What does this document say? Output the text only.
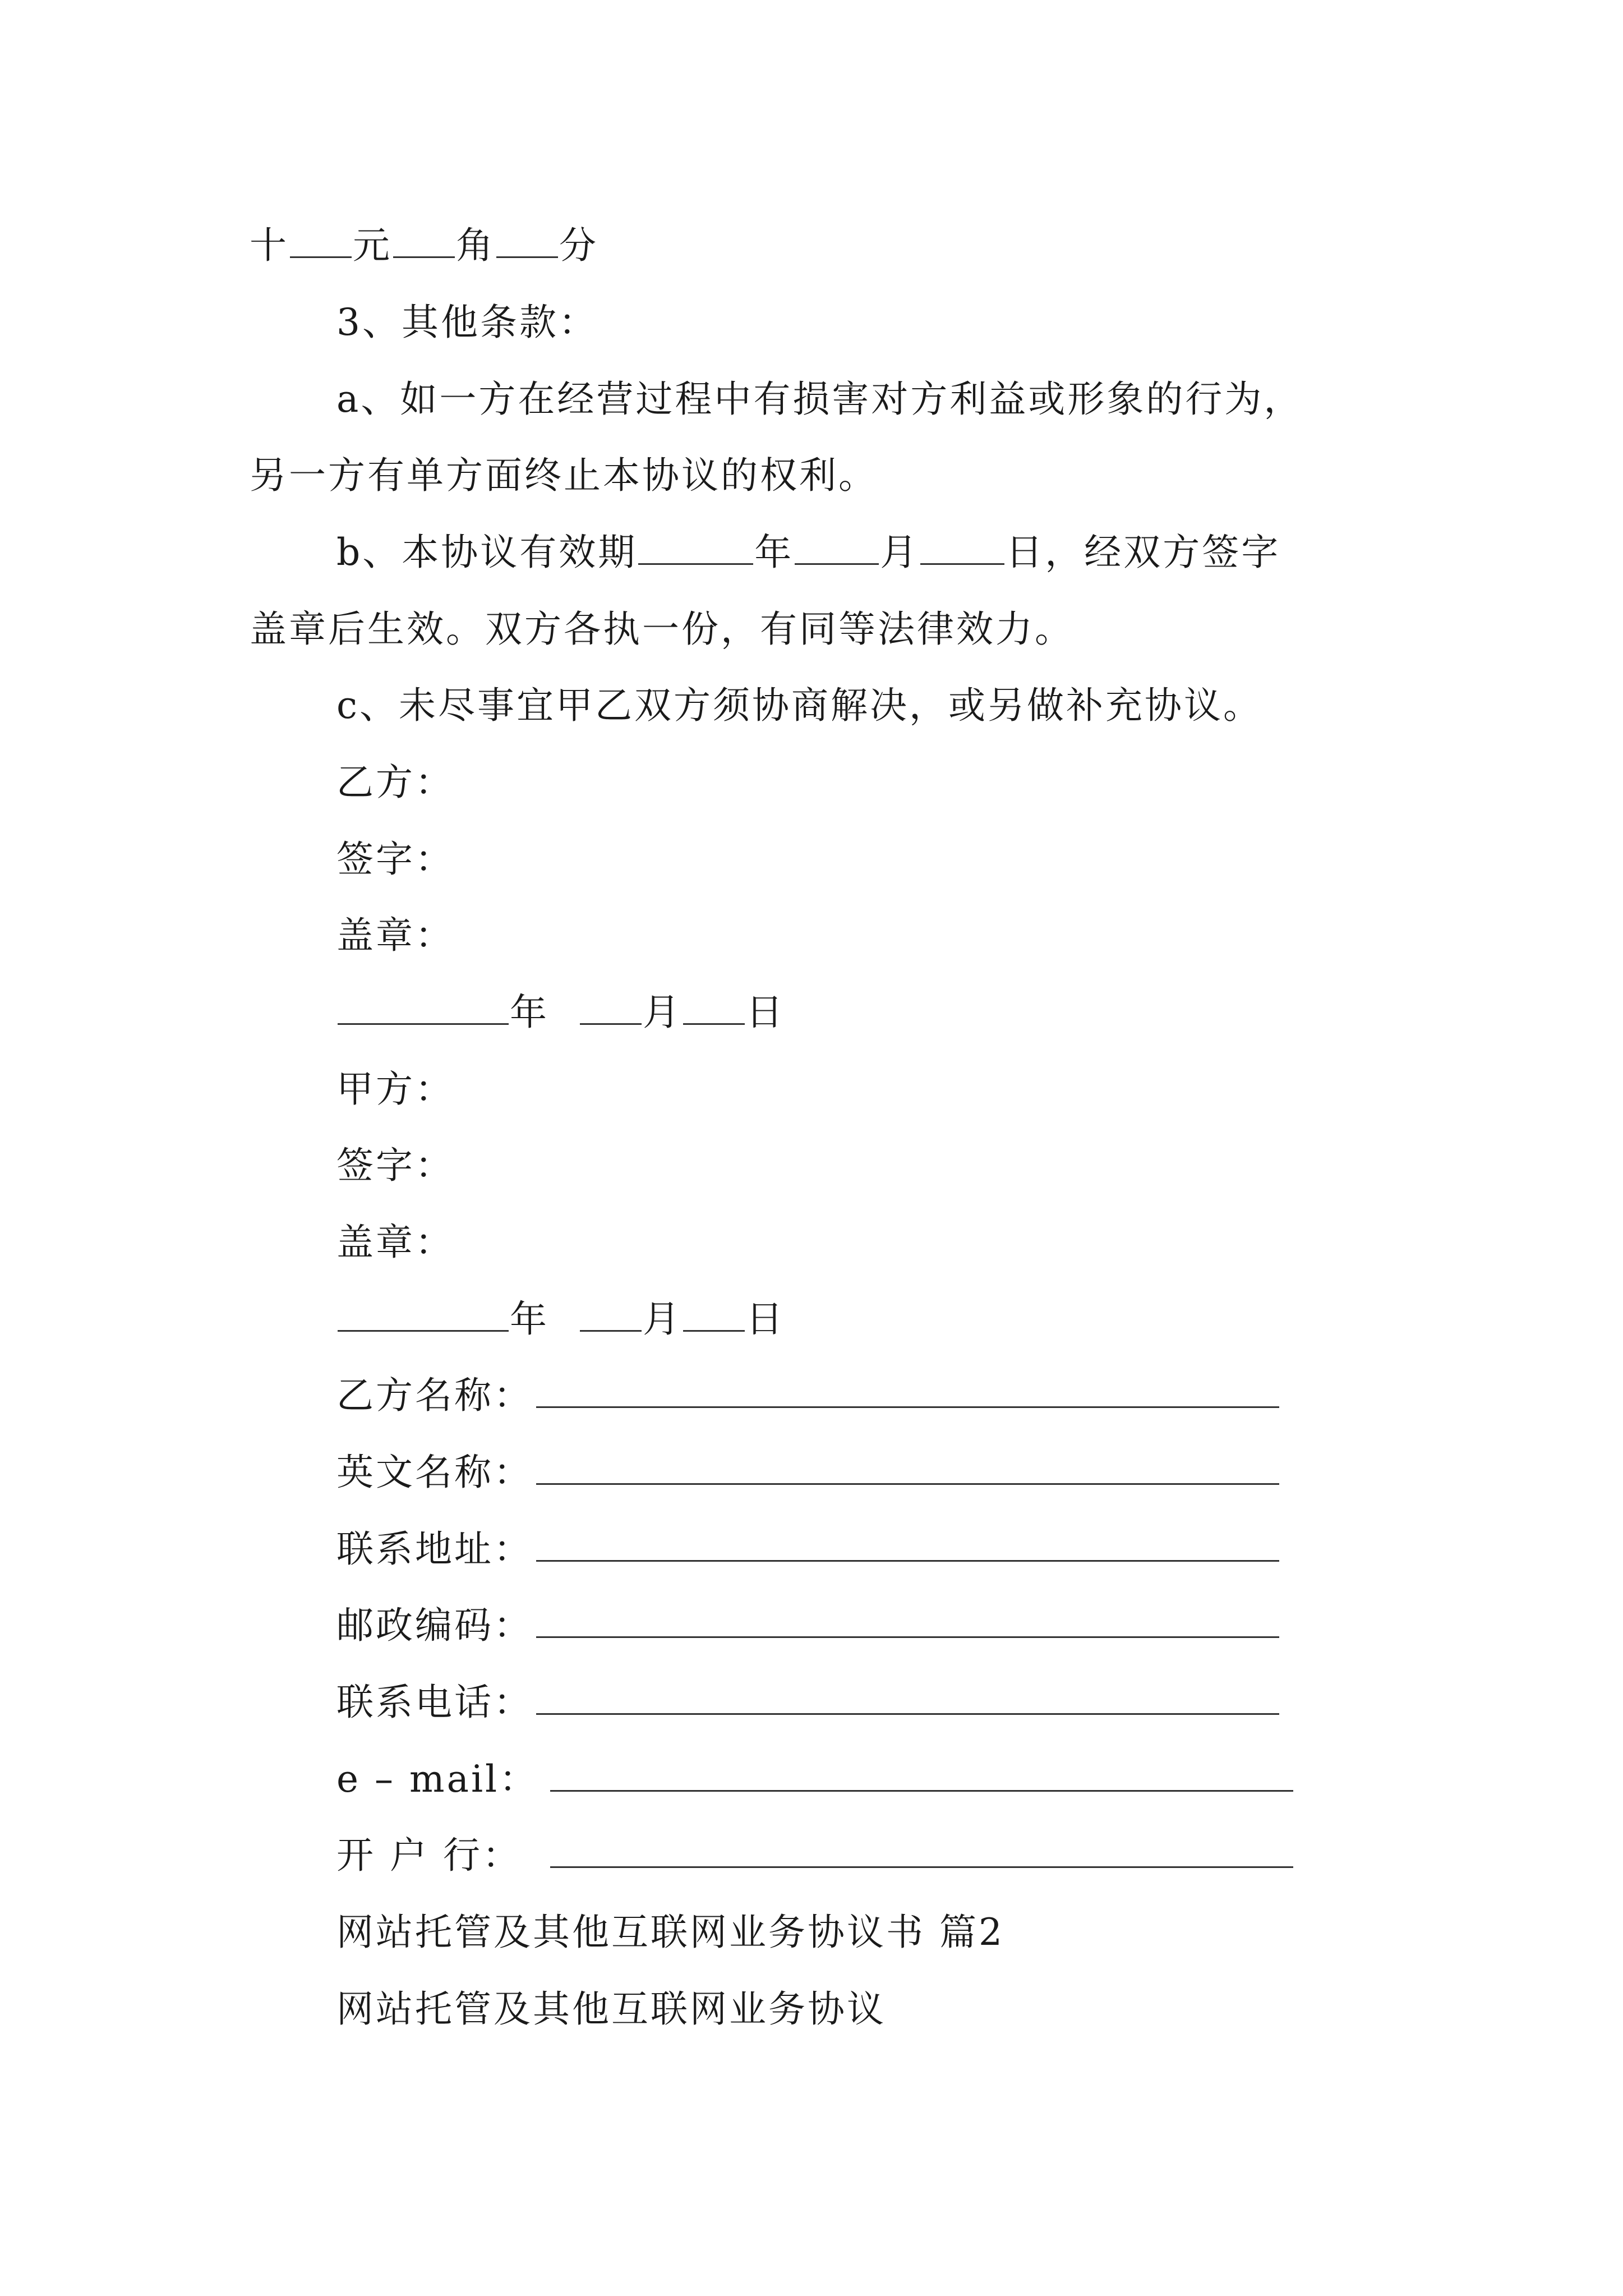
十 元 角 分
3、其他条款：
a、如一方在经营过程中有损害对方利益或形象的行为，
另一方有单方面终止本协议的权利。
b、本协议有效期	年 月 日，经双方签字
盖章后生效。双方各执一份，有同等法律效力。
c、未尽事宜甲乙双方须协商解决，或另做补充协议。
乙方：
签字：
盖章：
年	月 日
甲方：
签字：
盖章：
年	月 日
乙方名称：
英文名称：
联系地址：
邮政编码：
联系电话：
e – mail：
开 户 行：
网站托管及其他互联网业务协议书 篇2
网站托管及其他互联网业务协议
